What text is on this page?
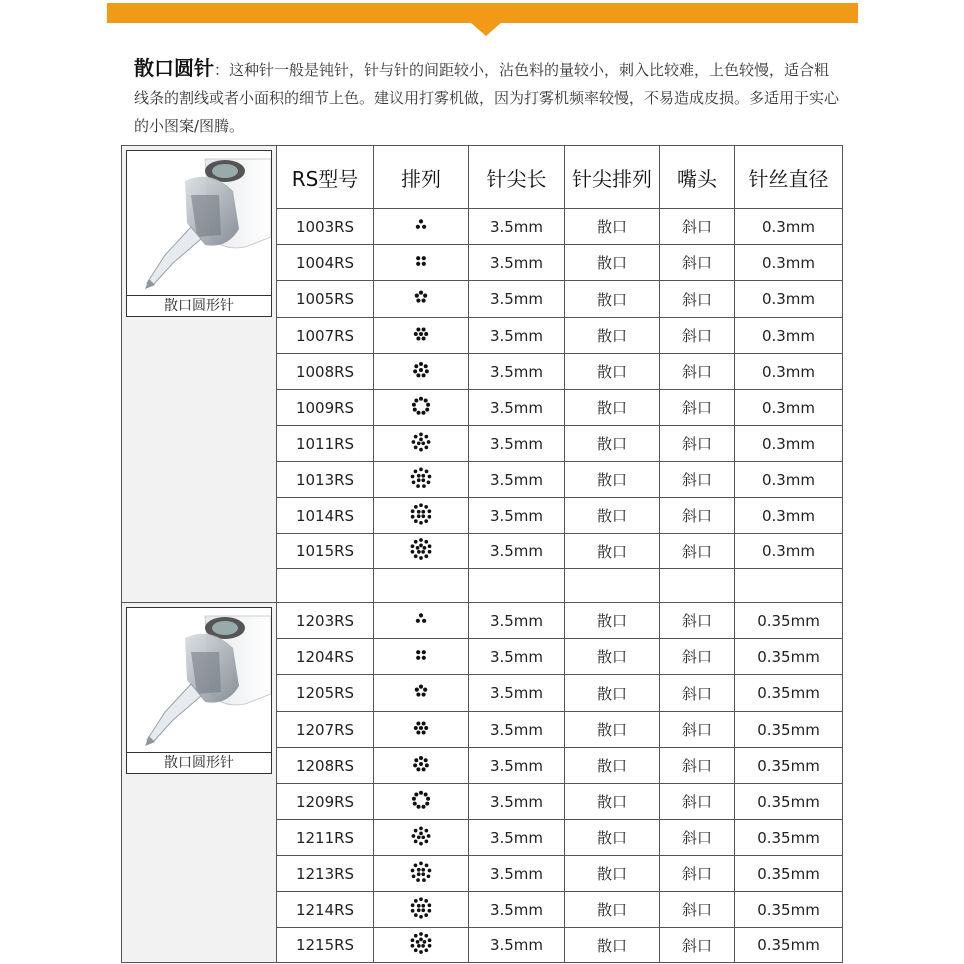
散口圆针：这种针一般是钝针，针与针的间距较小，沾色料的量较小，刺入比较难，上色较慢，适合粗线条的割线或者小面积的细节上色。建议用打雾机做，因为打雾机频率较慢，不易造成皮损。多适用于实心的小图案/图腾。
散口圆形针	RS型号	排列	针尖长	针尖排列	嘴头	针丝直径
	1003RS		3.5mm	散口	斜口	0.3mm
	1004RS		3.5mm	散口	斜口	0.3mm
	1005RS		3.5mm	散口	斜口	0.3mm
	1007RS		3.5mm	散口	斜口	0.3mm
	1008RS		3.5mm	散口	斜口	0.3mm
	1009RS		3.5mm	散口	斜口	0.3mm
	1011RS		3.5mm	散口	斜口	0.3mm
	1013RS		3.5mm	散口	斜口	0.3mm
	1014RS		3.5mm	散口	斜口	0.3mm
	1015RS		3.5mm	散口	斜口	0.3mm

散口圆形针	1203RS		3.5mm	散口	斜口	0.35mm
	1204RS		3.5mm	散口	斜口	0.35mm
	1205RS		3.5mm	散口	斜口	0.35mm
	1207RS		3.5mm	散口	斜口	0.35mm
	1208RS		3.5mm	散口	斜口	0.35mm
	1209RS		3.5mm	散口	斜口	0.35mm
	1211RS		3.5mm	散口	斜口	0.35mm
	1213RS		3.5mm	散口	斜口	0.35mm
	1214RS		3.5mm	散口	斜口	0.35mm
	1215RS		3.5mm	散口	斜口	0.35mm
